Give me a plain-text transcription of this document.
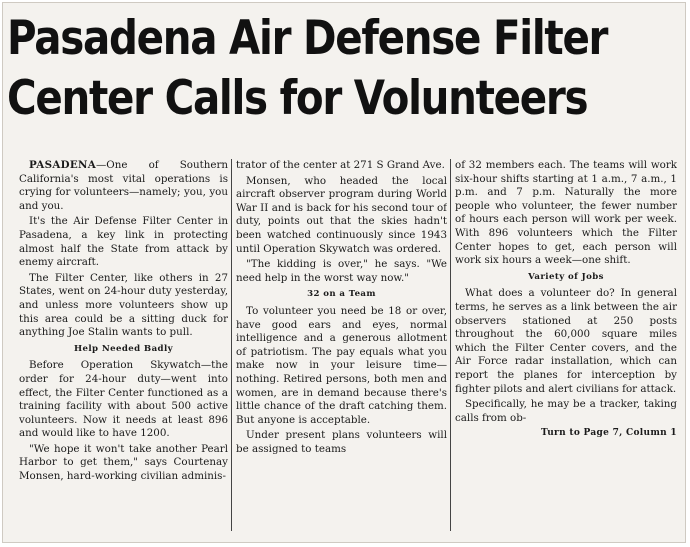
Pasadena Air Defense Filter
Center Calls for Volunteers

PASADENA—One of Southern California's most vital operations is crying for volunteers—namely; you, you and you.

It's the Air Defense Filter Center in Pasadena, a key link in protecting almost half the State from attack by enemy aircraft.

The Filter Center, like others in 27 States, went on 24-hour duty yesterday, and unless more volunteers show up this area could be a sitting duck for anything Joe Stalin wants to pull.

Help Needed Badly

Before Operation Skywatch—the order for 24-hour duty—went into effect, the Filter Center functioned as a training facility with about 500 active volunteers. Now it needs at least 896 and would like to have 1200.

"We hope it won't take another Pearl Harbor to get them," says Courtenay Monsen, hard-working civilian adminis-

trator of the center at 271 S Grand Ave.

Monsen, who headed the local aircraft observer program during World War II and is back for his second tour of duty, points out that the skies hadn't been watched continuously since 1943 until Operation Skywatch was ordered.

"The kidding is over," he says. "We need help in the worst way now."

32 on a Team

To volunteer you need be 18 or over, have good ears and eyes, normal intelligence and a generous allotment of patriotism. The pay equals what you make now in your leisure time—nothing. Retired persons, both men and women, are in demand because there's little chance of the draft catching them. But anyone is acceptable.

Under present plans volunteers will be assigned to teams

of 32 members each. The teams will work six-hour shifts starting at 1 a.m., 7 a.m., 1 p.m. and 7 p.m. Naturally the more people who volunteer, the fewer number of hours each person will work per week. With 896 volunteers which the Filter Center hopes to get, each person will work six hours a week—one shift.

Variety of Jobs

What does a volunteer do? In general terms, he serves as a link between the air observers stationed at 250 posts throughout the 60,000 square miles which the Filter Center covers, and the Air Force radar installation, which can report the planes for interception by fighter pilots and alert civilians for attack.

Specifically, he may be a tracker, taking calls from ob-

Turn to Page 7, Column 1
